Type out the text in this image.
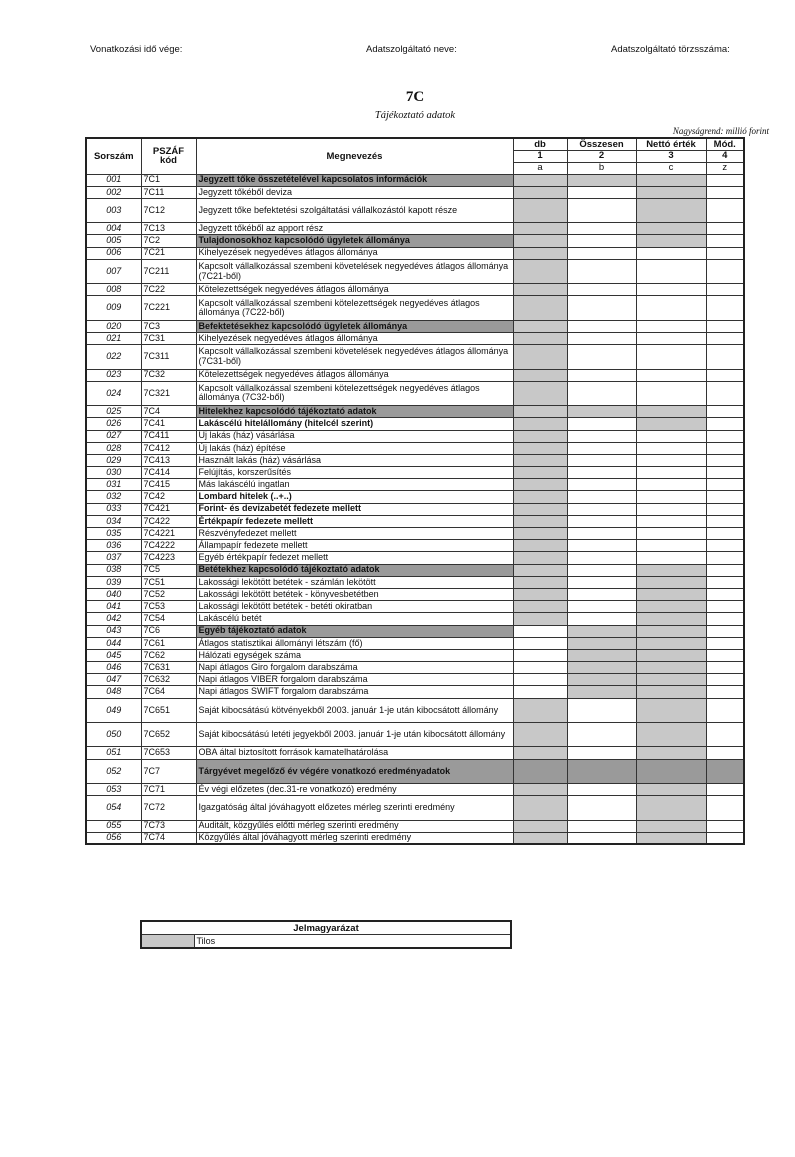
Vonatkozási idő vége:	Adatszolgáltató neve:	Adatszolgáltató törzsszáma:
7C
Tájékoztató adatok
Nagyságrend: millió forint
Sorszám	PSZÁF kód	Megnevezés	db	Összesen	Nettó érték	Mód.
			1	2	3	4
			a	b	c	z
001	7C1	Jegyzett tőke összetételével kapcsolatos információk				
002	7C11	Jegyzett tőkéből deviza				
003	7C12	Jegyzett tőke befektetési szolgáltatási vállalkozástól kapott része				
004	7C13	Jegyzett tőkéből az apport rész				
005	7C2	Tulajdonosokhoz kapcsolódó ügyletek állománya				
006	7C21	Kihelyezések negyedéves átlagos állománya				
007	7C211	Kapcsolt vállalkozással szembeni követelések negyedéves átlagos állománya (7C21-ből)				
008	7C22	Kötelezettségek negyedéves átlagos állománya				
009	7C221	Kapcsolt vállalkozással szembeni kötelezettségek negyedéves átlagos állománya (7C22-ből)				
020	7C3	Befektetésekhez kapcsolódó ügyletek állománya				
021	7C31	Kihelyezések negyedéves átlagos állománya				
022	7C311	Kapcsolt vállalkozással szembeni követelések negyedéves átlagos állománya (7C31-ből)				
023	7C32	Kötelezettségek negyedéves átlagos állománya				
024	7C321	Kapcsolt vállalkozással szembeni kötelezettségek negyedéves átlagos állománya (7C32-ből)				
025	7C4	Hitelekhez kapcsolódó tájékoztató adatok				
026	7C41	Lakáscélú hitelállomány (hitelcél szerint)				
027	7C411	Új lakás (ház) vásárlása				
028	7C412	Új lakás (ház) építése				
029	7C413	Használt lakás (ház) vásárlása				
030	7C414	Felújítás, korszerűsítés				
031	7C415	Más lakáscélú ingatlan				
032	7C42	Lombard hitelek (..+..)				
033	7C421	Forint- és devizabetét fedezete mellett				
034	7C422	Értékpapír fedezete mellett				
035	7C4221	Részvényfedezet mellett				
036	7C4222	Állampapír fedezete mellett				
037	7C4223	Egyéb értékpapír fedezet mellett				
038	7C5	Betétekhez kapcsolódó tájékoztató adatok				
039	7C51	Lakossági lekötött betétek - számlán lekötött				
040	7C52	Lakossági lekötött betétek - könyvesbetétben				
041	7C53	Lakossági lekötött betétek - betéti okiratban				
042	7C54	Lakáscélú betét				
043	7C6	Egyéb tájékoztató adatok				
044	7C61	Átlagos statisztikai állományi létszám (fő)				
045	7C62	Hálózati egységek száma				
046	7C631	Napi átlagos Giro forgalom darabszáma				
047	7C632	Napi átlagos VIBER forgalom darabszáma				
048	7C64	Napi átlagos SWIFT forgalom darabszáma				
049	7C651	Saját kibocsátású kötvényekből 2003. január 1-je után kibocsátott állomány				
050	7C652	Saját kibocsátású letéti jegyekből 2003. január 1-je után kibocsátott állomány				
051	7C653	OBA által biztosított források kamatelhatárolása				
052	7C7	Tárgyévet megelőző év végére vonatkozó eredményadatok				
053	7C71	Év végi előzetes (dec.31-re vonatkozó) eredmény				
054	7C72	Igazgatóság által jóváhagyott előzetes mérleg szerinti eredmény				
055	7C73	Auditált, közgyűlés előtti mérleg szerinti eredmény				
056	7C74	Közgyűlés által jóváhagyott mérleg szerinti eredmény				
Jelmagyarázat
	Tilos
